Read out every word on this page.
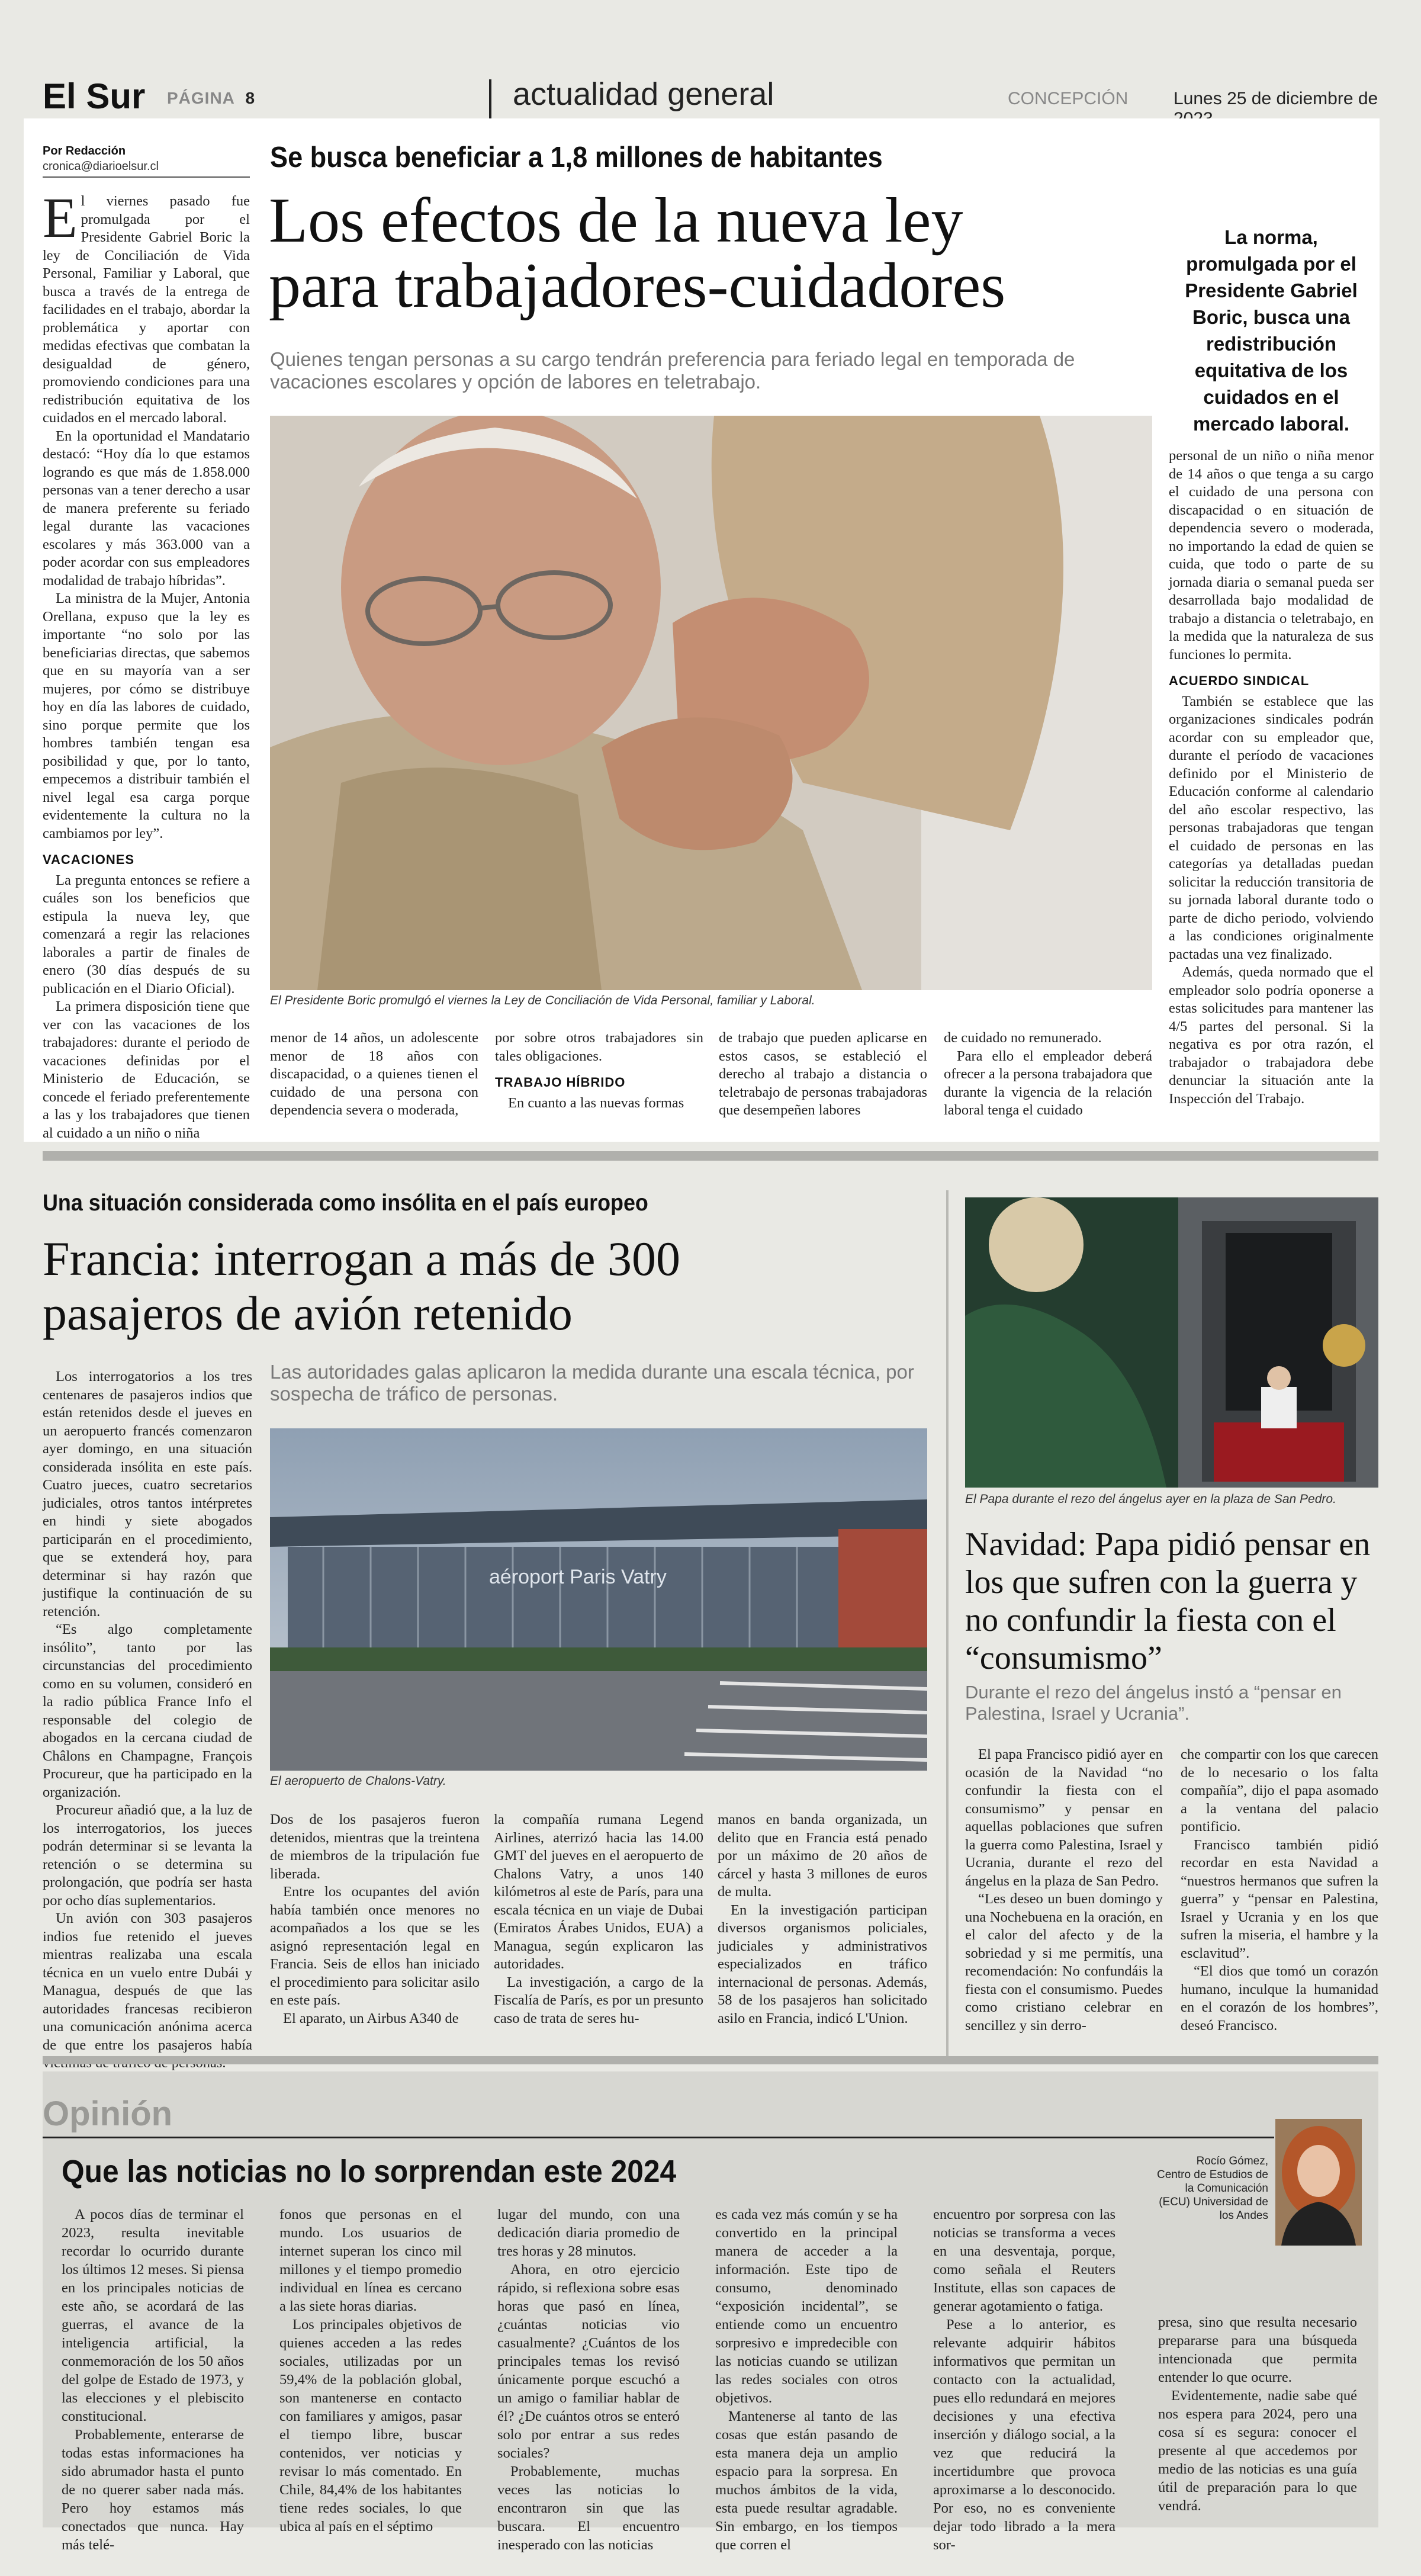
El Sur PÁGINA 8	actualidad general	CONCEPCIÓN	Lunes 25 de diciembre de
Por Redacción
cronica@diarioelsur.cl	Se busca beneficiar a 1,8 millones de habitantes
Los efectos de la nueva ley
para trabajadores-cuidadores
Quienes tengan personas a su cargo tendrán preferencia para feriado legal en temporada de vacaciones escolares y opción de labores en teletrabajo.
La norma, promulgada por el Presidente Gabriel Boric, busca una redistribución equitativa de los cuidados en el mercado laboral.
El Presidente Boric promulgó el viernes la Ley de Conciliación de Vida Personal, familiar y Laboral.

El viernes pasado fue promulgada por el Presidente Gabriel Boric la ley de Conciliación de Vida Personal, Familiar y Laboral, que busca a través de la entrega de facilidades en el trabajo, abordar la problemática y aportar con medidas efectivas que combatan la desigualdad de género, promoviendo condiciones para una redistribución equitativa de los cuidados en el mercado laboral.

En la oportunidad el Mandatario destacó: “Hoy día lo que estamos logrando es que más de 1.858.000 personas van a tener derecho a usar de manera preferente su feriado legal durante las vacaciones escolares y más 363.000 van a poder acordar con sus empleadores modalidad de trabajo híbridas”.

La ministra de la Mujer, Antonia Orellana, expuso que la ley es importante “no solo por las beneficiarias directas, que sabemos que en su mayoría van a ser mujeres, por cómo se distribuye hoy en día las labores de cuidado, sino porque permite que los hombres también tengan esa posibilidad y que, por lo tanto, empecemos a distribuir también el nivel legal esa carga porque evidentemente la cultura no la cambiamos por ley”.

VACACIONES

La pregunta entonces se refiere a cuáles son los beneficios que estipula la nueva ley, que comenzará a regir las relaciones laborales a partir de finales de enero (30 días después de su publicación en el Diario Oficial).

La primera disposición tiene que ver con las vacaciones de los trabajadores: durante el periodo de vacaciones definidas por el Ministerio de Educación, se concede el feriado preferentemente a las y los trabajadores que tienen al cuidado a un niño o niña

menor de 14 años, un adolescente menor de 18 años con discapacidad, o a quienes tienen el cuidado de una persona con dependencia severa o moderada,

por sobre otros trabajadores sin tales obligaciones.

TRABAJO HÍBRIDO

En cuanto a las nuevas formas

de trabajo que pueden aplicarse en estos casos, se estableció el derecho al trabajo a distancia o teletrabajo de personas trabajadoras que desempeñen labores

de cuidado no remunerado.

Para ello el empleador deberá ofrecer a la persona trabajadora que durante la vigencia de la relación laboral tenga el cuidado

personal de un niño o niña menor de 14 años o que tenga a su cargo el cuidado de una persona con discapacidad o en situación de dependencia severo o moderada, no importando la edad de quien se cuida, que todo o parte de su jornada diaria o semanal pueda ser desarrollada bajo modalidad de trabajo a distancia o teletrabajo, en la medida que la naturaleza de sus funciones lo permita.

ACUERDO SINDICAL

También se establece que las organizaciones sindicales podrán acordar con su empleador que, durante el período de vacaciones definido por el Ministerio de Educación conforme al calendario del año escolar respectivo, las personas trabajadoras que tengan el cuidado de personas en las categorías ya detalladas puedan solicitar la reducción transitoria de su jornada laboral durante todo o parte de dicho periodo, volviendo a las condiciones originalmente pactadas una vez finalizado.

Además, queda normado que el empleador solo podría oponerse a estas solicitudes para mantener las 4/5 partes del personal. Si la negativa es por otra razón, el trabajador o trabajadora debe denunciar la situación ante la Inspección del Trabajo.

Una situación considerada como insólita en el país europeo
Francia: interrogan a más de 300
pasajeros de avión retenido
Las autoridades galas aplicaron la medida durante una escala técnica, por sospecha de tráfico de personas.

Los interrogatorios a los tres centenares de pasajeros indios que están retenidos desde el jueves en un aeropuerto francés comenzaron ayer domingo, en una situación considerada insólita en este país. Cuatro jueces, cuatro secretarios judiciales, otros tantos intérpretes en hindi y siete abogados participarán en el procedimiento, que se extenderá hoy, para determinar si hay razón que justifique la continuación de su retención.

“Es algo completamente insólito”, tanto por las circunstancias del procedimiento como en su volumen, consideró en la radio pública France Info el responsable del colegio de abogados en la cercana ciudad de Châlons en Champagne, François Procureur, que ha participado en la organización.

Procureur añadió que, a la luz de los interrogatorios, los jueces podrán determinar si se levanta la retención o se determina su prolongación, que podría ser hasta por ocho días suplementarios.

Un avión con 303 pasajeros indios fue retenido el jueves mientras realizaba una escala técnica en un vuelo entre Dubái y Managua, después de que las autoridades francesas recibieron una comunicación anónima acerca de que entre los pasajeros había

aéroport Paris Vatry
El aeropuerto de Chalons-Vatry.

Dos de los pasajeros fueron detenidos, mientras que la treintena de miembros de la tripulación fue liberada.

Entre los ocupantes del avión había también once menores no acompañados a los que se les asignó representación legal en Francia. Seis de ellos han iniciado el procedimiento para solicitar asilo en este país.

El aparato, un Airbus A340 de

la compañía rumana Legend Airlines, aterrizó hacia las 14.00 GMT del jueves en el aeropuerto de Chalons Vatry, a unos 140 kilómetros al este de París, para una escala técnica en un viaje de Dubai (Emiratos Árabes Unidos, EUA) a Managua, según explicaron las autoridades.

La investigación, a cargo de la Fiscalía de París, es por un presunto caso de trata de seres hu-

manos en banda organizada, un delito que en Francia está penado por un máximo de 20 años de cárcel y hasta 3 millones de euros de multa.

En la investigación participan diversos organismos policiales, judiciales y administrativos especializados en tráfico internacional de personas. Además, 58 de los pasajeros han solicitado asilo en Francia, indicó L'Union.

El Papa durante el rezo del ángelus ayer en la plaza de San Pedro.
Navidad: Papa pidió pensar en los que sufren con la guerra y no confundir la fiesta con el “consumismo”
Durante el rezo del ángelus instó a “pensar en Palestina, Israel y Ucrania”.

El papa Francisco pidió ayer en ocasión de la Navidad “no confundir la fiesta con el consumismo” y pensar en aquellas poblaciones que sufren la guerra como Palestina, Israel y Ucrania, durante el rezo del ángelus en la plaza de San Pedro.

“Les deseo un buen domingo y una Nochebuena en la oración, en el calor del afecto y de la sobriedad y si me permitís, una recomendación: No confundáis la fiesta con el consumismo. Puedes como cristiano celebrar en sencillez y sin derro-

che compartir con los que carecen de lo necesario o los falta compañía”, dijo el papa asomado a la ventana del palacio pontificio.

Francisco también pidió recordar en esta Navidad a “nuestros hermanos que sufren la guerra” y “pensar en Palestina, Israel y Ucrania y en los que sufren la miseria, el hambre y la esclavitud”.

“El dios que tomó un corazón humano, inculque la humanidad en el corazón de los hombres”, deseó Francisco.

Opinión
Que las noticias no lo sorprendan este 2024	Rocío Gómez,
Centro de Estudios de la Comunicación (ECU) Universidad de los Andes

A pocos días de terminar el 2023, resulta inevitable recordar lo ocurrido durante los últimos 12 meses. Si piensa en los principales noticias de este año, se acordará de las guerras, el avance de la inteligencia artificial, la conmemoración de los 50 años del golpe de Estado de 1973, y las elecciones y el plebiscito constitucional.

Probablemente, enterarse de todas estas informaciones ha sido abrumador hasta el punto de no querer saber nada más. Pero hoy estamos más conectados que nunca. Hay más telé-

fonos que personas en el mundo. Los usuarios de internet superan los cinco mil millones y el tiempo promedio individual en línea es cercano a las siete horas diarias.

Los principales objetivos de quienes acceden a las redes sociales, utilizadas por un 59,4% de la población global, son mantenerse en contacto con familiares y amigos, pasar el tiempo libre, buscar contenidos, ver noticias y revisar lo más comentado. En Chile, 84,4% de los habitantes tiene redes sociales, lo que ubica al país en el séptimo

lugar del mundo, con una dedicación diaria promedio de tres horas y 28 minutos.

Ahora, en otro ejercicio rápido, si reflexiona sobre esas horas que pasó en línea, ¿cuántas noticias vio casualmente? ¿Cuántos de los principales temas los revisó únicamente porque escuchó a un amigo o familiar hablar de él? ¿De cuántos otros se enteró solo por entrar a sus redes sociales?

Probablemente, muchas veces las noticias lo encontraron sin que las buscara. El encuentro inesperado con las noticias

es cada vez más común y se ha convertido en la principal manera de acceder a la información. Este tipo de consumo, denominado “exposición incidental”, se entiende como un encuentro sorpresivo e impredecible con las noticias cuando se utilizan las redes sociales con otros objetivos.

Mantenerse al tanto de las cosas que están pasando de esta manera deja un amplio espacio para la sorpresa. En muchos ámbitos de la vida, esta puede resultar agradable. Sin embargo, en los tiempos que corren el

encuentro por sorpresa con las noticias se transforma a veces en una desventaja, porque, como señala el Reuters Institute, ellas son capaces de generar agotamiento o fatiga.

Pese a lo anterior, es relevante adquirir hábitos informativos que permitan un contacto con la actualidad, pues ello redundará en mejores decisiones y una efectiva inserción y diálogo social, a la vez que reducirá la incertidumbre que provoca aproximarse a lo desconocido. Por eso, no es conveniente dejar todo librado a la mera sor-

presa, sino que resulta necesario prepararse para una búsqueda intencionada que permita entender lo que ocurre.

Evidentemente, nadie sabe qué nos espera para 2024, pero una cosa sí es segura: conocer el presente al que accedemos por medio de las noticias es una guía útil de preparación para lo que vendrá.
